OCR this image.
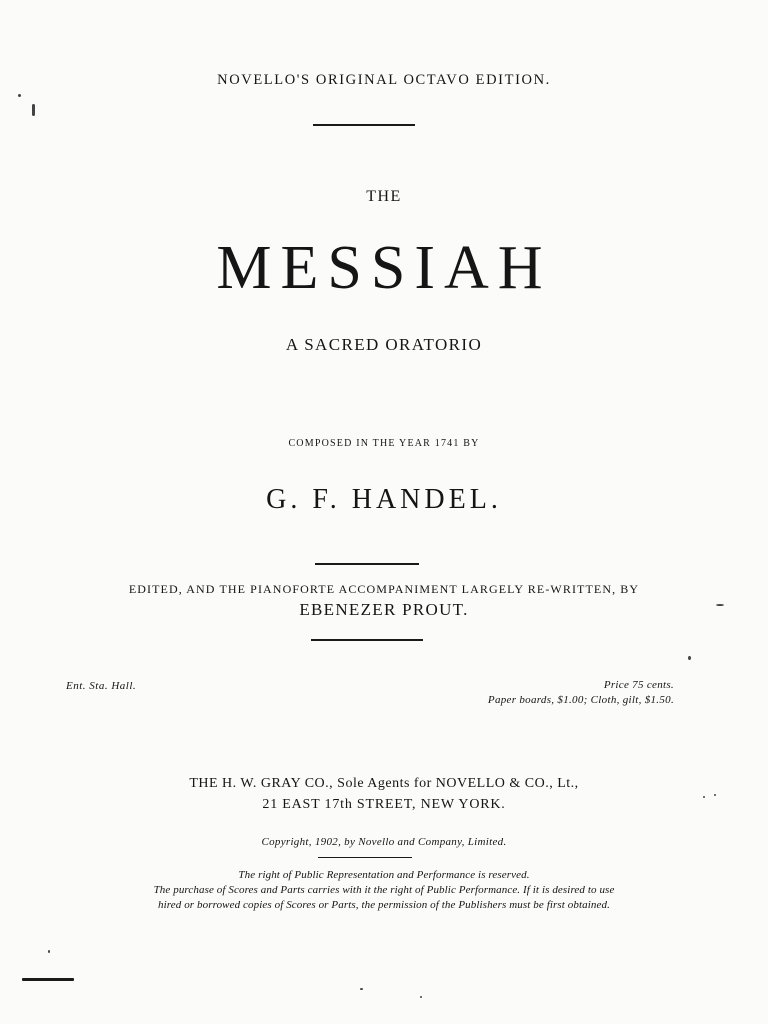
NOVELLO'S ORIGINAL OCTAVO EDITION.
THE
MESSIAH
A SACRED ORATORIO
COMPOSED IN THE YEAR 1741 BY
G. F. HANDEL.
EDITED, AND THE PIANOFORTE ACCOMPANIMENT LARGELY RE-WRITTEN, BY
EBENEZER PROUT.
Ent. Sta. Hall.	Price 75 cents.
Paper boards, $1.00; Cloth, gilt, $1.50.
THE H. W. GRAY CO., Sole Agents for NOVELLO & CO., Lt.,
21 EAST 17th STREET, NEW YORK.
Copyright, 1902, by Novello and Company, Limited.
The right of Public Representation and Performance is reserved.
The purchase of Scores and Parts carries with it the right of Public Performance. If it is desired to use
hired or borrowed copies of Scores or Parts, the permission of the Publishers must be first obtained.
